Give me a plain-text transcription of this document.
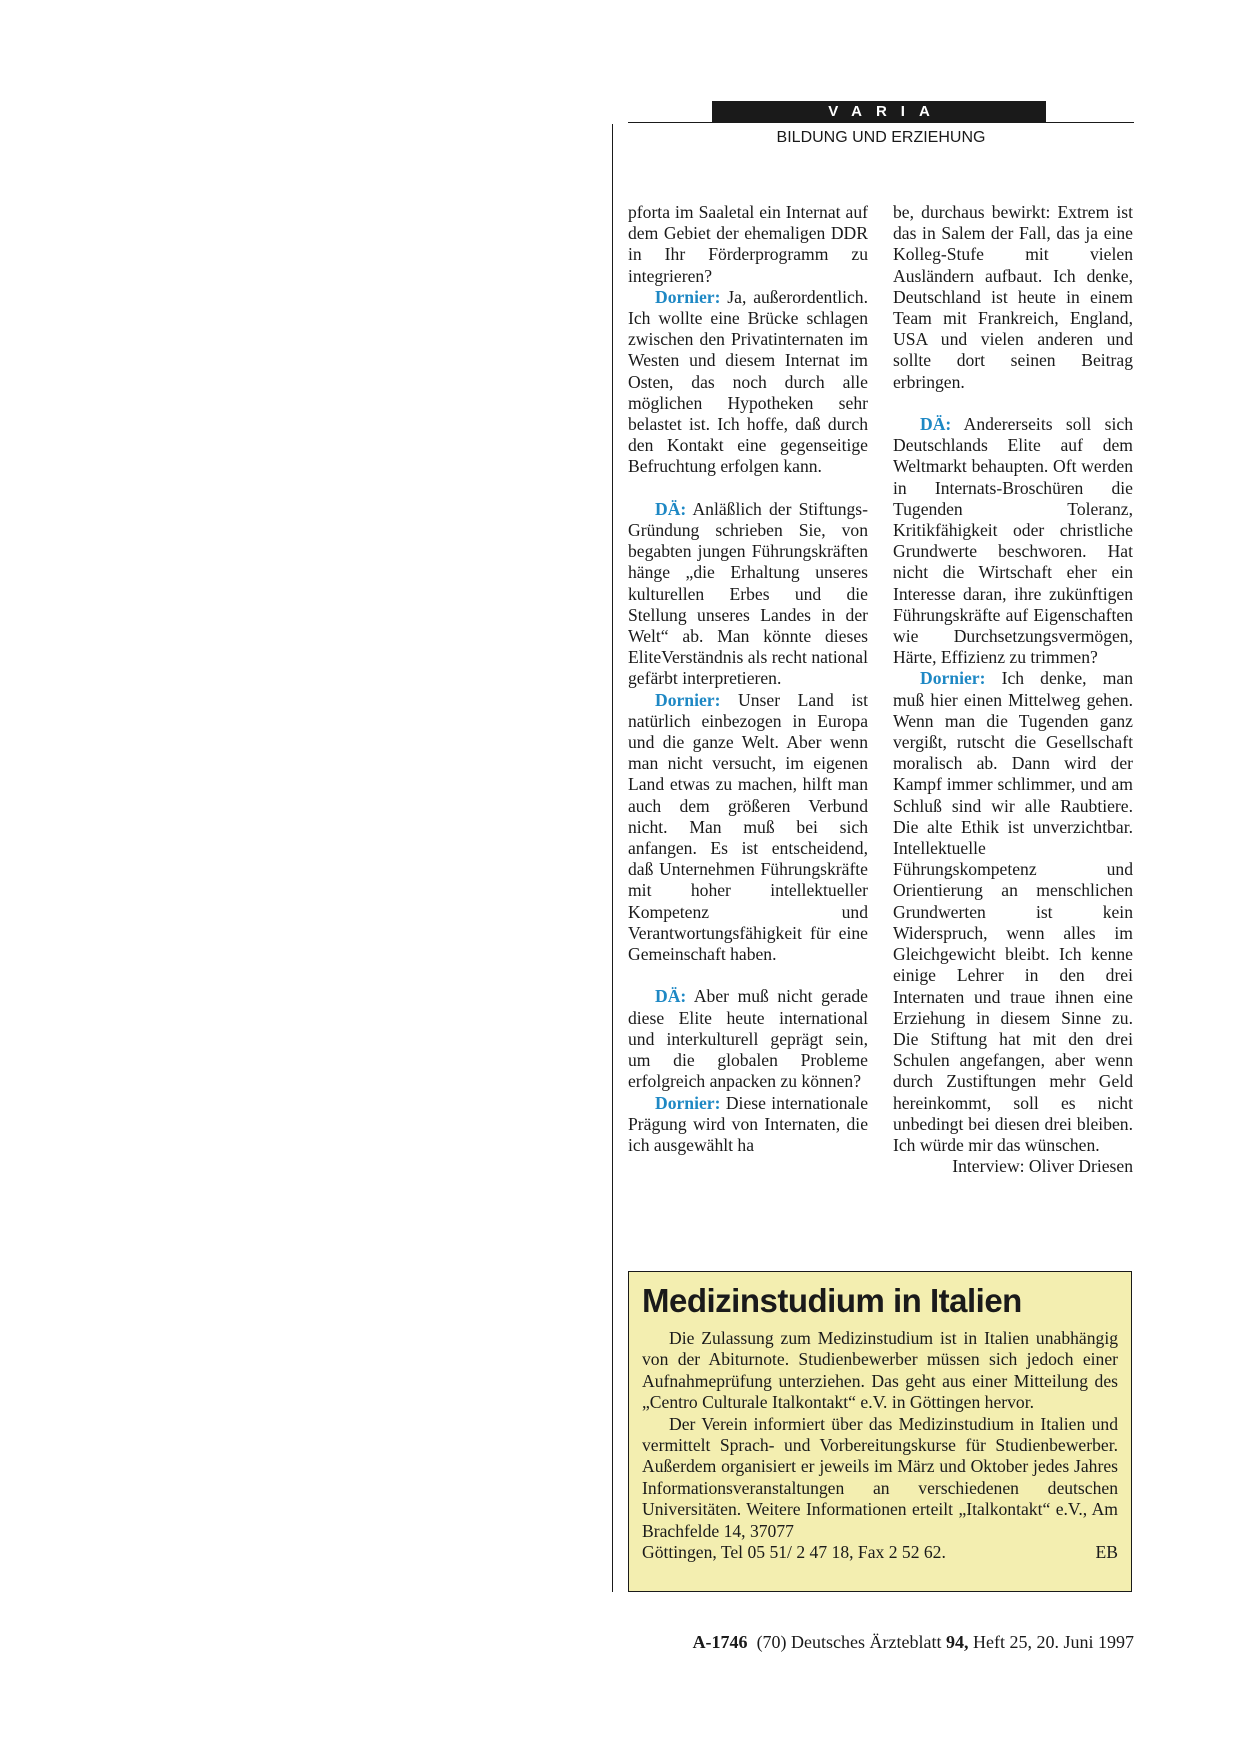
VARIA
BILDUNG UND ERZIEHUNG

pforta im Saaletal ein Internat auf dem Gebiet der ehemaligen DDR in Ihr Förderprogramm zu integrieren?

Dornier: Ja, außerordentlich. Ich wollte eine Brücke schlagen zwischen den Privatinternaten im Westen und diesem Internat im Osten, das noch durch alle möglichen Hypotheken sehr belastet ist. Ich hoffe, daß durch den Kontakt eine gegenseitige Befruchtung erfolgen kann.

DÄ: Anläßlich der Stiftungs-Gründung schrieben Sie, von begabten jungen Führungskräften hänge „die Erhaltung unseres kulturellen Erbes und die Stellung unseres Landes in der Welt“ ab. Man könnte dieses EliteVerständnis als recht national gefärbt interpretieren.

Dornier: Unser Land ist natürlich einbezogen in Europa und die ganze Welt. Aber wenn man nicht versucht, im eigenen Land etwas zu machen, hilft man auch dem größeren Verbund nicht. Man muß bei sich anfangen. Es ist entscheidend, daß Unternehmen Führungskräfte mit hoher intellektueller Kompetenz und Verantwortungsfähigkeit für eine Gemeinschaft haben.

DÄ: Aber muß nicht gerade diese Elite heute international und interkulturell geprägt sein, um die globalen Probleme erfolgreich anpacken zu können?

Dornier: Diese internationale Prägung wird von Internaten, die ich ausgewählt ha

be, durchaus bewirkt: Extrem ist das in Salem der Fall, das ja eine Kolleg-Stufe mit vielen Ausländern aufbaut. Ich denke, Deutschland ist heute in einem Team mit Frankreich, England, USA und vielen anderen und sollte dort seinen Beitrag erbringen.

DÄ: Andererseits soll sich Deutschlands Elite auf dem Weltmarkt behaupten. Oft werden in Internats-Broschüren die Tugenden Toleranz, Kritikfähigkeit oder christliche Grundwerte beschworen. Hat nicht die Wirtschaft eher ein Interesse daran, ihre zukünftigen Führungskräfte auf Eigenschaften wie Durchsetzungsvermögen, Härte, Effizienz zu trimmen?

Dornier: Ich denke, man muß hier einen Mittelweg gehen. Wenn man die Tugenden ganz vergißt, rutscht die Gesellschaft moralisch ab. Dann wird der Kampf immer schlimmer, und am Schluß sind wir alle Raubtiere. Die alte Ethik ist unverzichtbar. Intellektuelle Führungskompetenz und Orientierung an menschlichen Grundwerten ist kein Widerspruch, wenn alles im Gleichgewicht bleibt. Ich kenne einige Lehrer in den drei Internaten und traue ihnen eine Erziehung in diesem Sinne zu. Die Stiftung hat mit den drei Schulen angefangen, aber wenn durch Zustiftungen mehr Geld hereinkommt, soll es nicht unbedingt bei diesen drei bleiben. Ich würde mir das wünschen.

Interview: Oliver Driesen

Medizinstudium in Italien

Die Zulassung zum Medizinstudium ist in Italien unabhängig von der Abiturnote. Studienbewerber müssen sich jedoch einer Aufnahmeprüfung unterziehen. Das geht aus einer Mitteilung des „Centro Culturale Italkontakt“ e.V. in Göttingen hervor.

Der Verein informiert über das Medizinstudium in Italien und vermittelt Sprach- und Vorbereitungskurse für Studienbewerber. Außerdem organisiert er jeweils im März und Oktober jedes Jahres Informationsveranstaltungen an verschiedenen deutschen Universitäten. Weitere Informationen erteilt „Italkontakt“ e.V., Am Brachfelde 14, 37077

Göttingen, Tel 05 51/ 2 47 18, Fax 2 52 62.	EB

A-1746 (70) Deutsches Ärzteblatt 94, Heft 25, 20. Juni 1997
